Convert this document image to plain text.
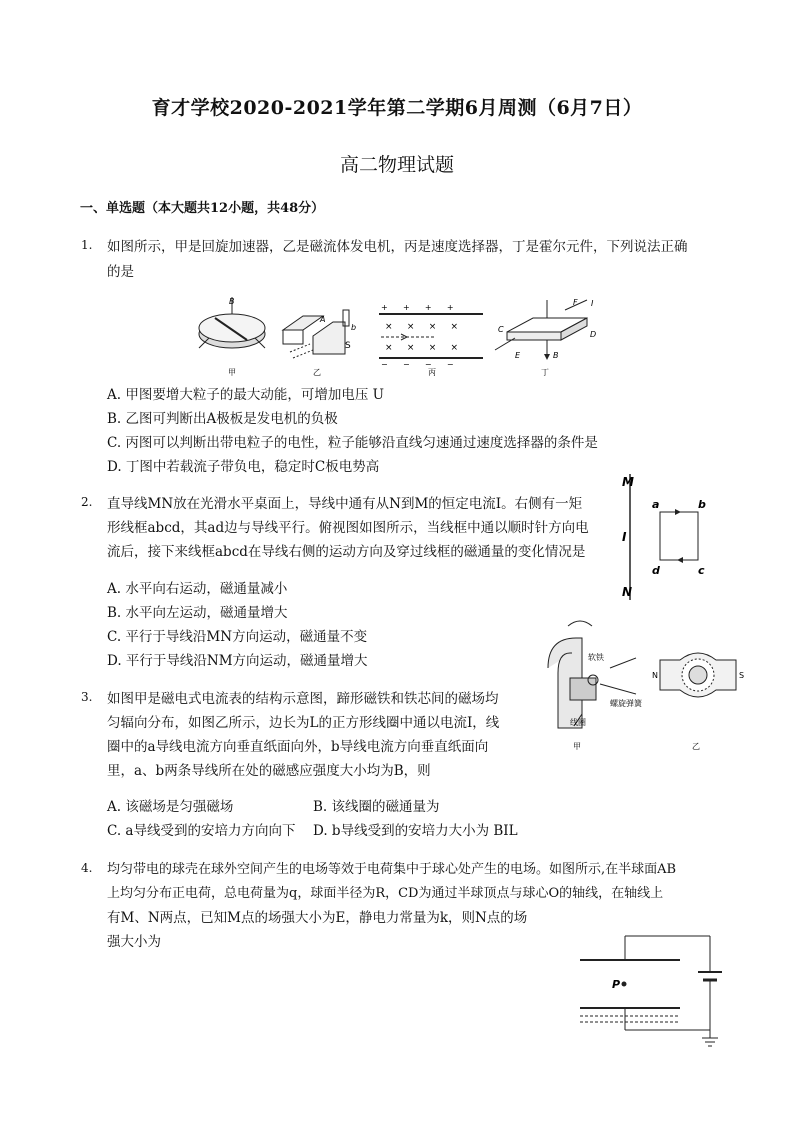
育才学校2020-2021学年第二学期6月周测（6月7日）
高二物理试题
一、单选题（本大题共12小题，共48分）
1. 如图所示，甲是回旋加速器，乙是磁流体发电机，丙是速度选择器，丁是霍尔元件，下列说法正确
的是
B
甲
A
b
S
乙
+      +      +      +
−      −      −      −
×     ×     ×     ×
×     ×     ×     ×
丙
F I
C
D
E	B
丁
A. 甲图要增大粒子的最大动能，可增加电压 U
B. 乙图可判断出A极板是发电机的负极
C. 丙图可以判断出带电粒子的电性，粒子能够沿直线匀速通过速度选择器的条件是
D. 丁图中若载流子带负电，稳定时C板电势高
2. 直导线MN放在光滑水平桌面上，导线中通有从N到M的恒定电流I。右侧有一矩
形线框abcd，其ad边与导线平行。俯视图如图所示，当线框中通以顺时针方向电
流后，接下来线框abcd在导线右侧的运动方向及穿过线框的磁通量的变化情况是
M
N
I
a	b
c
d
A. 水平向右运动，磁通量减小
B. 水平向左运动，磁通量增大
C. 平行于导线沿MN方向运动，磁通量不变
D. 平行于导线沿NM方向运动，磁通量增大	软铁
螺旋弹簧
线圈
甲
N	S
乙
3. 如图甲是磁电式电流表的结构示意图，蹄形磁铁和铁芯间的磁场均
匀辐向分布，如图乙所示，边长为L的正方形线圈中通以电流I，线
圈中的a导线电流方向垂直纸面向外，b导线电流方向垂直纸面向
里，a、b两条导线所在处的磁感应强度大小均为B，则
A. 该磁场是匀强磁场	B. 该线圈的磁通量为
C. a导线受到的安培力方向向下 D. b导线受到的安培力大小为 BIL
4. 均匀带电的球壳在球外空间产生的电场等效于电荷集中于球心处产生的电场。如图所示,在半球面AB
上均匀分布正电荷，总电荷量为q，球面半径为R，CD为通过半球顶点与球心O的轴线，在轴线上
有M、N两点，已知M点的场强大小为E，静电力常量为k，则N点的场
强大小为
P
